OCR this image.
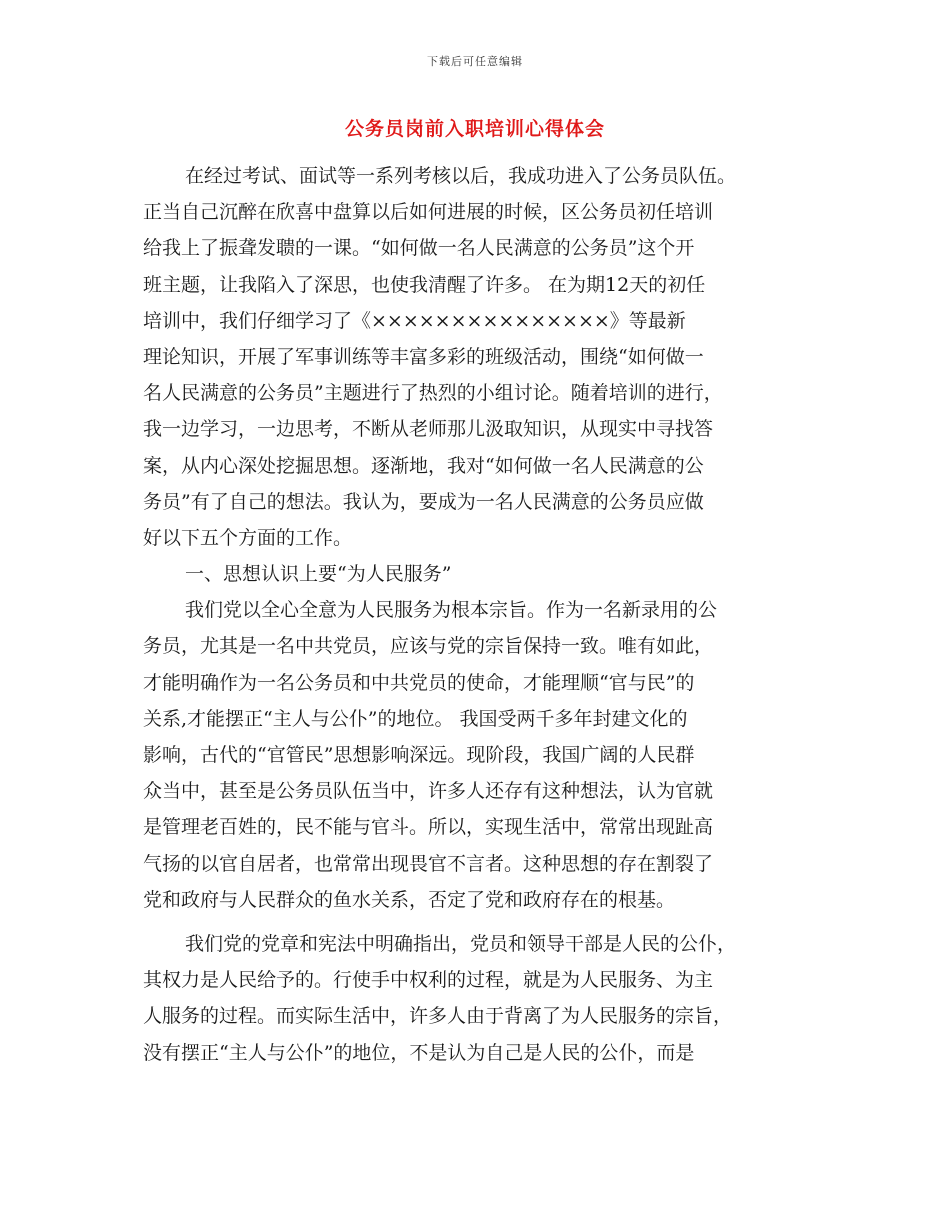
下载后可任意编辑
公务员岗前入职培训心得体会
在经过考试、面试等一系列考核以后，我成功进入了公务员队伍。
正当自己沉醉在欣喜中盘算以后如何进展的时候，区公务员初任培训
给我上了振聋发聩的一课。“如何做一名人民满意的公务员”这个开
班主题，让我陷入了深思，也使我清醒了许多。 在为期12天的初任
培训中，我们仔细学习了《×××××××××××××××》等最新
理论知识，开展了军事训练等丰富多彩的班级活动，围绕“如何做一
名人民满意的公务员”主题进行了热烈的小组讨论。随着培训的进行，
我一边学习，一边思考，不断从老师那儿汲取知识，从现实中寻找答
案，从内心深处挖掘思想。逐渐地，我对“如何做一名人民满意的公
务员”有了自己的想法。我认为，要成为一名人民满意的公务员应做
好以下五个方面的工作。
一、思想认识上要“为人民服务”
我们党以全心全意为人民服务为根本宗旨。作为一名新录用的公
务员，尤其是一名中共党员，应该与党的宗旨保持一致。唯有如此，
才能明确作为一名公务员和中共党员的使命，才能理顺“官与民”的
关系,才能摆正“主人与公仆”的地位。 我国受两千多年封建文化的
影响，古代的“官管民”思想影响深远。现阶段，我国广阔的人民群
众当中，甚至是公务员队伍当中，许多人还存有这种想法，认为官就
是管理老百姓的，民不能与官斗。所以，实现生活中，常常出现趾高
气扬的以官自居者，也常常出现畏官不言者。这种思想的存在割裂了
党和政府与人民群众的鱼水关系，否定了党和政府存在的根基。
我们党的党章和宪法中明确指出，党员和领导干部是人民的公仆，
其权力是人民给予的。行使手中权利的过程，就是为人民服务、为主
人服务的过程。而实际生活中，许多人由于背离了为人民服务的宗旨，
没有摆正“主人与公仆”的地位，不是认为自己是人民的公仆，而是
